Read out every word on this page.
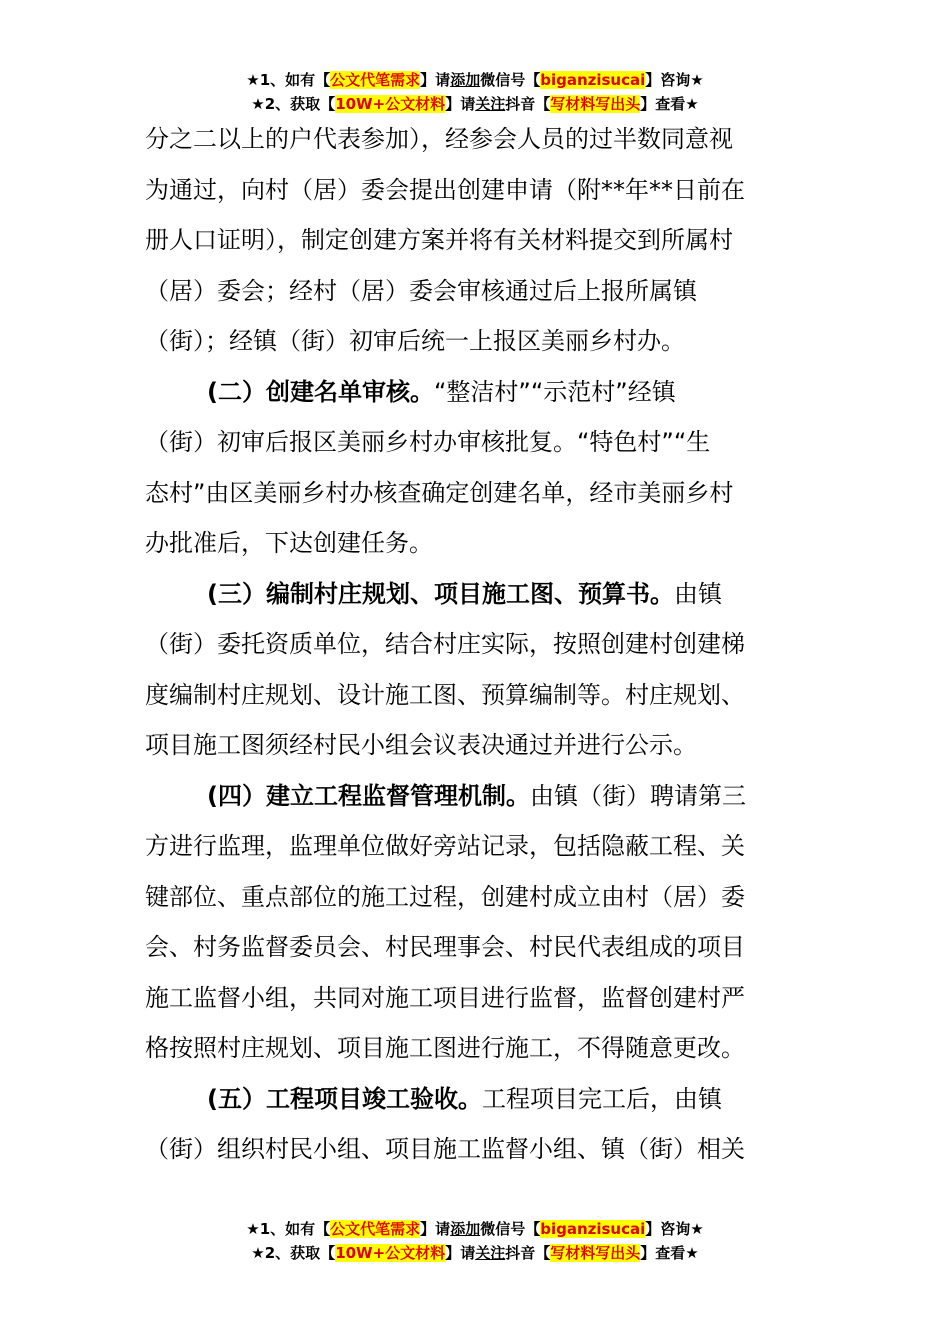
★1、如有【公文代笔需求】请添加微信号【biganzisucai】咨询★
★2、获取【10W+公文材料】请关注抖音【写材料写出头】查看★
分之二以上的户代表参加），经参会人员的过半数同意视
为通过，向村（居）委会提出创建申请（附**年**日前在
册人口证明），制定创建方案并将有关材料提交到所属村
（居）委会；经村（居）委会审核通过后上报所属镇
（街）；经镇（街）初审后统一上报区美丽乡村办。
(二）创建名单审核。“整洁村”“示范村”经镇
（街）初审后报区美丽乡村办审核批复。“特色村”“生
态村”由区美丽乡村办核查确定创建名单，经市美丽乡村
办批准后，下达创建任务。
(三）编制村庄规划、项目施工图、预算书。由镇
（街）委托资质单位，结合村庄实际，按照创建村创建梯
度编制村庄规划、设计施工图、预算编制等。村庄规划、
项目施工图须经村民小组会议表决通过并进行公示。
(四）建立工程监督管理机制。由镇（街）聘请第三
方进行监理，监理单位做好旁站记录，包括隐蔽工程、关
键部位、重点部位的施工过程，创建村成立由村（居）委
会、村务监督委员会、村民理事会、村民代表组成的项目
施工监督小组，共同对施工项目进行监督，监督创建村严
格按照村庄规划、项目施工图进行施工，不得随意更改。
(五）工程项目竣工验收。工程项目完工后，由镇
（街）组织村民小组、项目施工监督小组、镇（街）相关
★1、如有【公文代笔需求】请添加微信号【biganzisucai】咨询★
★2、获取【10W+公文材料】请关注抖音【写材料写出头】查看★
